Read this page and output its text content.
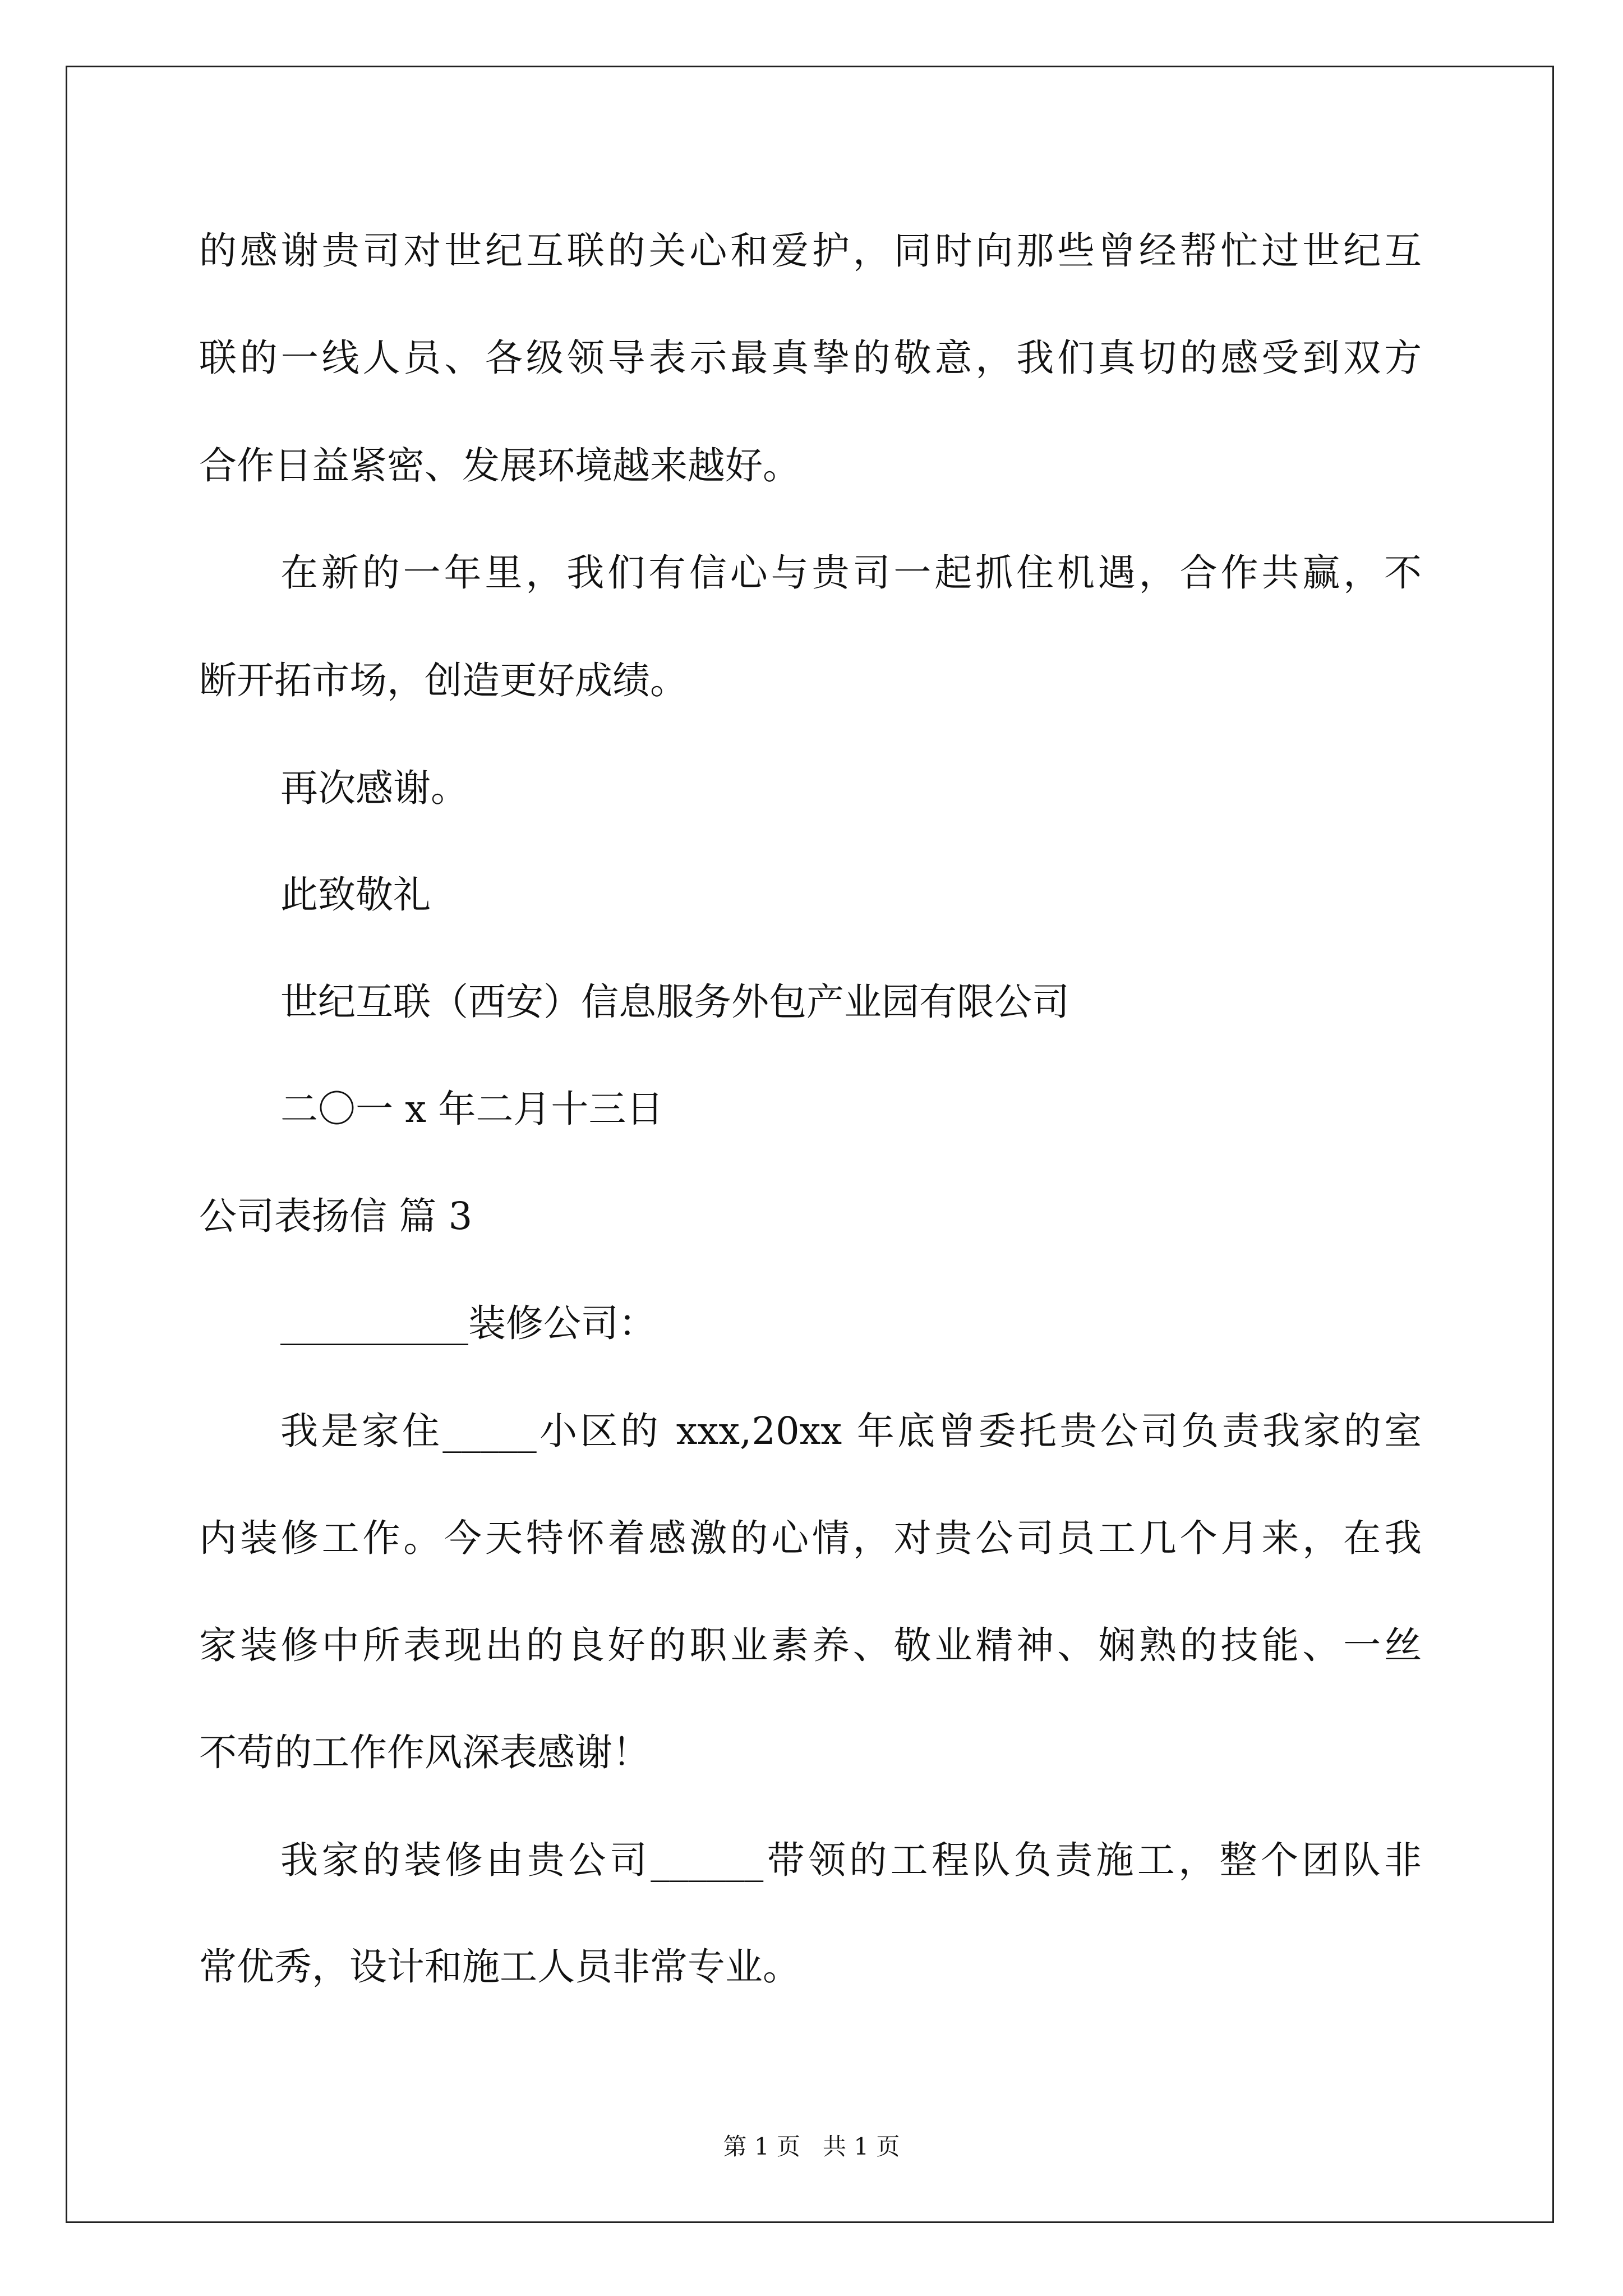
的感谢贵司对世纪互联的关心和爱护，同时向那些曾经帮忙过世纪互
联的一线人员、各级领导表示最真挚的敬意，我们真切的感受到双方
合作日益紧密、发展环境越来越好。
在新的一年里，我们有信心与贵司一起抓住机遇，合作共赢，不
断开拓市场，创造更好成绩。
再次感谢。
此致敬礼
世纪互联（西安）信息服务外包产业园有限公司
二〇一 x 年二月十三日
公司表扬信 篇 3
__________装修公司：
我是家住_____小区的 xxx,20xx 年底曾委托贵公司负责我家的室
内装修工作。今天特怀着感激的心情，对贵公司员工几个月来，在我
家装修中所表现出的良好的职业素养、敬业精神、娴熟的技能、一丝
不苟的工作作风深表感谢！
我家的装修由贵公司______带领的工程队负责施工，整个团队非
常优秀，设计和施工人员非常专业。
第 1 页   共 1 页
